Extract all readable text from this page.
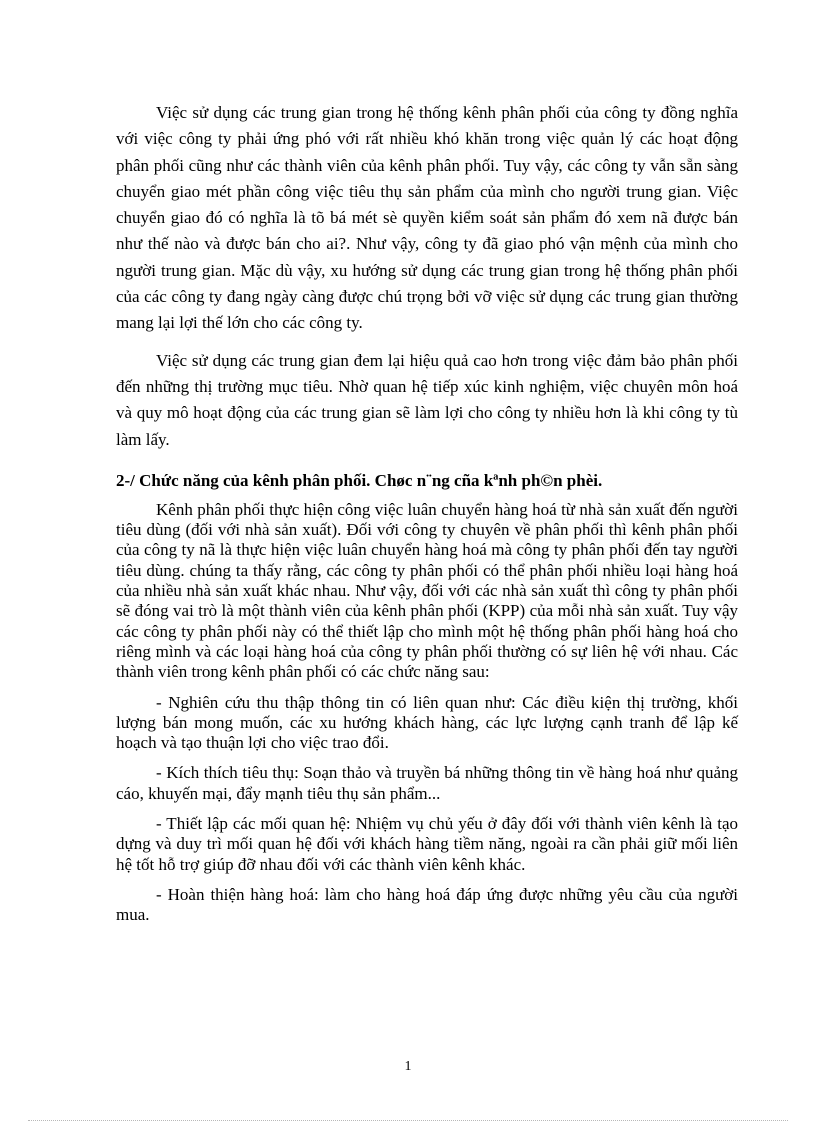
Việc sử dụng các trung gian trong hệ thống kênh phân phối của công ty đồng nghĩa với việc công ty phải ứng phó với rất nhiều khó khăn trong việc quản lý các hoạt động phân phối cũng như các thành viên của kênh phân phối. Tuy vậy, các công ty vẫn sẵn sàng chuyển giao mét phần công việc tiêu thụ sản phẩm của mình cho người trung gian. Việc chuyển giao đó có nghĩa là tõ bá mét sè quyền kiểm soát sản phẩm đó xem nã được bán như thế nào và được bán cho ai?. Như vậy, công ty đã giao phó vận mệnh của mình cho người trung gian. Mặc dù vậy, xu hướng sử dụng các trung gian trong hệ thống phân phối của các công ty đang ngày càng được chú trọng bởi vỡ việc sử dụng các trung gian thường mang lại lợi thế lớn cho các công ty.

Việc sử dụng các trung gian đem lại hiệu quả cao hơn trong việc đảm bảo phân phối đến những thị trường mục tiêu. Nhờ quan hệ tiếp xúc kinh nghiệm, việc chuyên môn hoá và quy mô hoạt động của các trung gian sẽ làm lợi cho công ty nhiều hơn là khi công ty tù làm lấy.

2-/ Chức năng của kênh phân phối. Chøc n¨ng cña kªnh ph©n phèi.

Kênh phân phối thực hiện công việc luân chuyển hàng hoá từ nhà sản xuất đến người tiêu dùng (đối với nhà sản xuất). Đối với công ty chuyên về phân phối thì kênh phân phối của công ty nã là thực hiện việc luân chuyển hàng hoá mà công ty phân phối đến tay người tiêu dùng. chúng ta thấy rằng, các công ty phân phối có thể phân phối nhiều loại hàng hoá của nhiều nhà sản xuất khác nhau. Như vậy, đối với các nhà sản xuất thì công ty phân phối sẽ đóng vai trò là một thành viên của kênh phân phối (KPP) của mỗi nhà sản xuất. Tuy vậy các công ty phân phối này có thể thiết lập cho mình một hệ thống phân phối hàng hoá cho riêng mình và các loại hàng hoá của công ty phân phối thường có sự liên hệ với nhau. Các thành viên trong kênh phân phối có các chức năng sau:

- Nghiên cứu thu thập thông tin có liên quan như: Các điều kiện thị trường, khối lượng bán mong muốn, các xu hướng khách hàng, các lực lượng cạnh tranh để lập kế hoạch và tạo thuận lợi cho việc trao đổi.

- Kích thích tiêu thụ: Soạn thảo và truyền bá những thông tin về hàng hoá như quảng cáo, khuyến mại, đẩy mạnh tiêu thụ sản phẩm...

- Thiết lập các mối quan hệ: Nhiệm vụ chủ yếu ở đây đối với thành viên kênh là tạo dựng và duy trì mối quan hệ đối với khách hàng tiềm năng, ngoài ra cần phải giữ mối liên hệ tốt hỗ trợ giúp đỡ nhau đối với các thành viên kênh khác.

- Hoàn thiện hàng hoá: làm cho hàng hoá đáp ứng được những yêu cầu của người mua.

1
